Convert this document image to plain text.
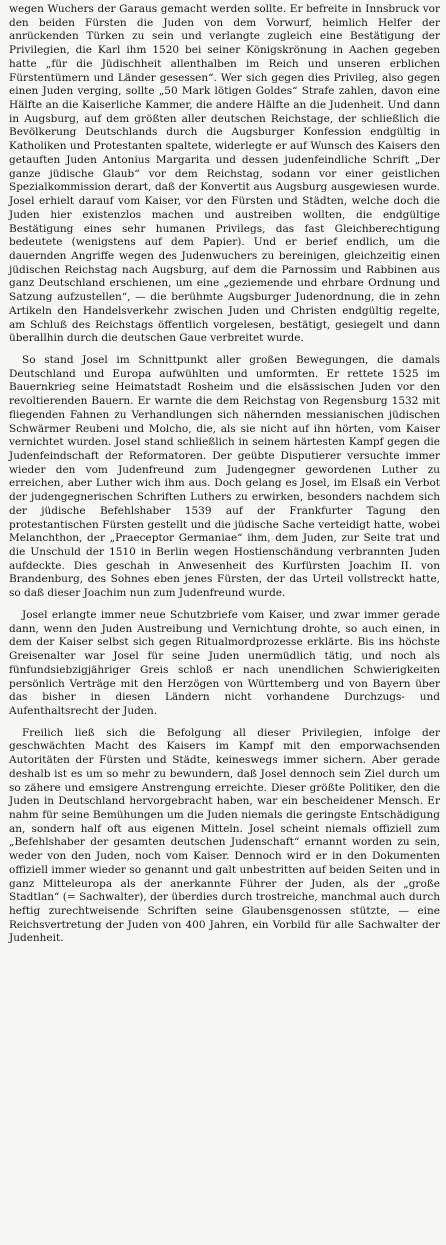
wegen Wuchers der Garaus gemacht werden sollte. Er befreite in Innsbruck vor den beiden Fürsten die Juden von dem Vorwurf, heimlich Helfer der anrückenden Türken zu sein und verlangte zugleich eine Bestätigung der Privilegien, die Karl ihm 1520 bei seiner Königskrönung in Aachen gegeben hatte „für die Jüdischheit allenthalben im Reich und unseren erblichen Fürstentümern und Länder gesessen“. Wer sich gegen dies Privileg, also gegen einen Juden verging, sollte „50 Mark lötigen Goldes“ Strafe zahlen, davon eine Hälfte an die Kaiserliche Kammer, die andere Hälfte an die Judenheit. Und dann in Augsburg, auf dem größten aller deutschen Reichstage, der schließlich die Bevölkerung Deutschlands durch die Augsburger Konfession endgültig in Katholiken und Protestanten spaltete, widerlegte er auf Wunsch des Kaisers den getauften Juden Antonius Margarita und dessen judenfeindliche Schrift „Der ganze jüdische Glaub“ vor dem Reichstag, sodann vor einer geistlichen Spezialkommission derart, daß der Konvertit aus Augsburg ausgewiesen wurde. Josel erhielt darauf vom Kaiser, vor den Fürsten und Städten, welche doch die Juden hier existenzlos machen und austreiben wollten, die endgültige Bestätigung eines sehr humanen Privilegs, das fast Gleichberechtigung bedeutete (wenigstens auf dem Papier). Und er berief endlich, um die dauernden Angriffe wegen des Judenwuchers zu bereinigen, gleichzeitig einen jüdischen Reichstag nach Augsburg, auf dem die Parnossim und Rabbinen aus ganz Deutschland erschienen, um eine „geziemende und ehrbare Ordnung und Satzung aufzustellen“, — die berühmte Augsburger Judenordnung, die in zehn Artikeln den Handelsverkehr zwischen Juden und Christen endgültig regelte, am Schluß des Reichstags öffentlich vorgelesen, bestätigt, gesiegelt und dann überallhin durch die deutschen Gaue verbreitet wurde.

So stand Josel im Schnittpunkt aller großen Bewegungen, die damals Deutschland und Europa aufwühlten und umformten. Er rettete 1525 im Bauernkrieg seine Heimatstadt Rosheim und die elsässischen Juden vor den revoltierenden Bauern. Er warnte die dem Reichstag von Regensburg 1532 mit fliegenden Fahnen zu Verhandlungen sich nähernden messianischen jüdischen Schwärmer Reubeni und Molcho, die, als sie nicht auf ihn hörten, vom Kaiser vernichtet wurden. Josel stand schließlich in seinem härtesten Kampf gegen die Judenfeindschaft der Reformatoren. Der geübte Disputierer versuchte immer wieder den vom Judenfreund zum Judengegner gewordenen Luther zu erreichen, aber Luther wich ihm aus. Doch gelang es Josel, im Elsaß ein Verbot der judengegnerischen Schriften Luthers zu erwirken, besonders nachdem sich der jüdische Befehlshaber 1539 auf der Frankfurter Tagung den protestantischen Fürsten gestellt und die jüdische Sache verteidigt hatte, wobei Melanchthon, der „Praeceptor Germaniae“ ihm, dem Juden, zur Seite trat und die Unschuld der 1510 in Berlin wegen Hostienschändung verbrannten Juden aufdeckte. Dies geschah in Anwesenheit des Kurfürsten Joachim II. von Brandenburg, des Sohnes eben jenes Fürsten, der das Urteil vollstreckt hatte, so daß dieser Joachim nun zum Judenfreund wurde.

Josel erlangte immer neue Schutzbriefe vom Kaiser, und zwar immer gerade dann, wenn den Juden Austreibung und Vernichtung drohte, so auch einen, in dem der Kaiser selbst sich gegen Ritualmordprozesse erklärte. Bis ins höchste Greisenalter war Josel für seine Juden unermüdlich tätig, und noch als fünfundsiebzigjähriger Greis schloß er nach unendlichen Schwierigkeiten persönlich Verträge mit den Herzögen von Württemberg und von Bayern über das bisher in diesen Ländern nicht vorhandene Durchzugs- und Aufenthaltsrecht der Juden.

Freilich ließ sich die Befolgung all dieser Privilegien, infolge der geschwächten Macht des Kaisers im Kampf mit den emporwachsenden Autoritäten der Fürsten und Städte, keineswegs immer sichern. Aber gerade deshalb ist es um so mehr zu bewundern, daß Josel dennoch sein Ziel durch um so zähere und emsigere Anstrengung erreichte. Dieser größte Politiker, den die Juden in Deutschland hervorgebracht haben, war ein bescheidener Mensch. Er nahm für seine Bemühungen um die Juden niemals die geringste Entschädigung an, sondern half oft aus eigenen Mitteln. Josel scheint niemals offiziell zum „Befehlshaber der gesamten deutschen Judenschaft“ ernannt worden zu sein, weder von den Juden, noch vom Kaiser. Dennoch wird er in den Dokumenten offiziell immer wieder so genannt und galt unbestritten auf beiden Seiten und in ganz Mitteleuropa als der anerkannte Führer der Juden, als der „große Stadtlan“ (= Sachwalter), der überdies durch trostreiche, manchmal auch durch heftig zurechtweisende Schriften seine Glaubensgenossen stützte, — eine Reichsvertretung der Juden von 400 Jahren, ein Vorbild für alle Sachwalter der Judenheit.
